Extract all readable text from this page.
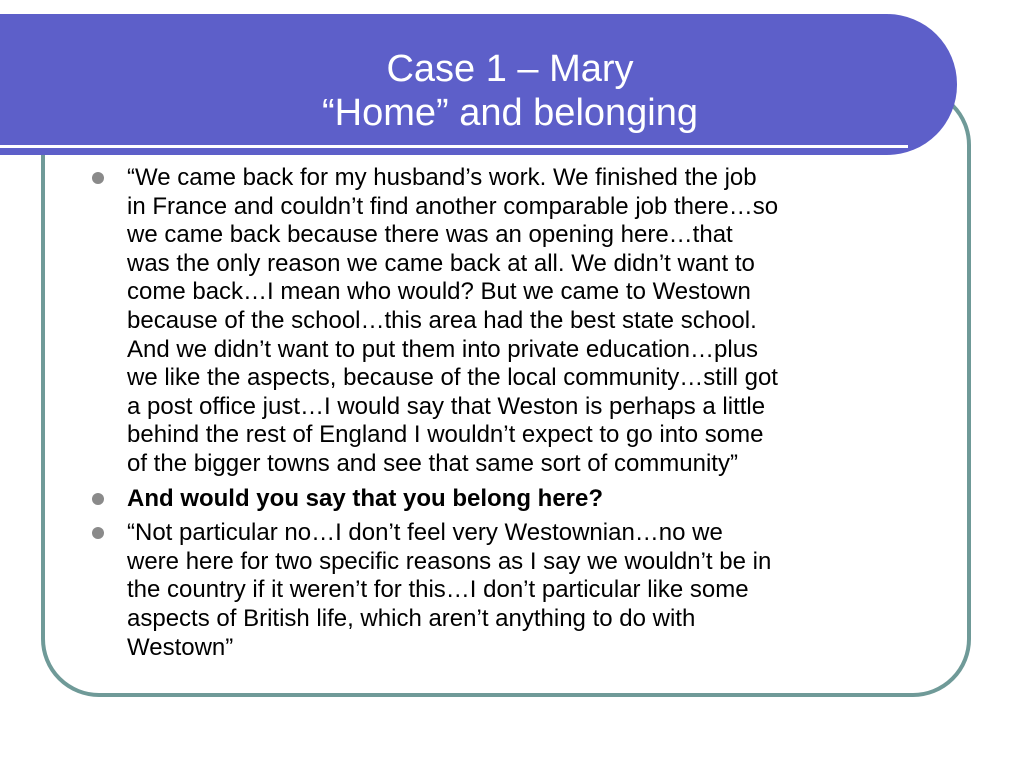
Case 1 – Mary
“Home” and belonging
“We came back for my husband’s work. We finished the job
in France and couldn’t find another comparable job there…so
we came back because there was an opening here…that
was the only reason we came back at all. We didn’t want to
come back…I mean who would? But we came to Westown
because of the school…this area had the best state school.
And we didn’t want to put them into private education…plus
we like the aspects, because of the local community…still got
a post office just…I would say that Weston is perhaps a little
behind the rest of England I wouldn’t expect to go into some
of the bigger towns and see that same sort of community”
And would you say that you belong here?
“Not particular no…I don’t feel very Westownian…no we
were here for two specific reasons as I say we wouldn’t be in
the country if it weren’t for this…I don’t particular like some
aspects of British life, which aren’t anything to do with
Westown”
